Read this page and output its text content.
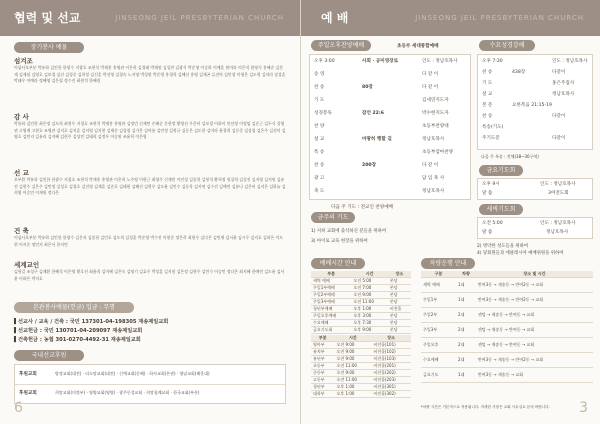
협력 및 선교	JINSEONG JEIL PRESBYTERIAN CHURCH
장기봉사 예물
섬겨조
이삼사오부분 박유하 김인한 한광수 지광호 조현석 박재홍 홍영관 이은희 김경태 박재원 김성찬 김광식 박준영 이승하 이예훈 원미라 이은석 원영식 홍혜순 김문재 김재철 김영호 김보경 김선 김성중 김희정 김신훈 박선영 김경숙 노지명 박성원 박준영 홍경희 김혜선 홍영 김재곤 류진아 김민철 이영은 김도형 김미라 강상훈 박태우 이예라 정혜영 김은철 정수진 최원석 한혜림
감 사
박유하 김인한 최은정 김도희 최형우 지경호 조현석 박재홍 홍영관 김정민 신재민 손혜순 문현정 황영선 우은미 김보경 이하미 안선영 이정임 김준근 김두식 강영권 고영재 고현호 조병관 김지호 김지훈 김지영 김지현 김재준 김성철 김가은 김아름 김민정 김형규 김동은 김도한 김미라 윤경희 김동준 김상철 김은주 김선미 김영호 김민지 김유리 김지혜 김현주 김성민 김태희 김정우 이승원 조윤희 이은영
선 교
오부환 박유하 김인한 한광수 지경호 조현석 박재홍 홍영관 이은희 노주영 이현근 최영주 신재민 이인성 김종헌 김형석 황희정 원창희 김성진 김지영 김지원 김유진 김현주 김은주 김민정 김성호 김경호 김진영 김재훈 김준호 김태현 김혜진 김현우 김도윤 김민수 김동욱 김서연 김수진 김예린 김유나 김은비 김지은 김하늘 김희영 이승민 이재원 정다은
건 축
이삼사오부분 박유하 김인한 한광수 김은지 김종헌 김민호 김도희 김성훈 박준영 박수진 이원준 정은희 최현우 김다은 김민재 김서윤 김시우 김지호 김하은 이도현 이서준 정민지 최은서 한지민
세계교인
김형길 조성구 김재환 한혜석 이은영 황호선 최윤희 김미혜 김은숙 김영기 김효주 박성훈 김지원 김은정 김현주 김민수 이승민 정다은 최지혜 한예린 김도윤 김서윤 이하은 박지호
본관봉사예물(헌금) 입금 : 무명
▌선교사 / 교육 / 건축 : 국민 137301-04-198305 재송제일교회
▌선교헌금 : 국민 130701-04-209097 재송제일교회
▌건축헌금 : 농협 301-0270-4492-31 재송제일교회
국내선교후원
후원교회	방정교회(대전) · 더소망교회(대전) · 신예교회(동해) · 하사교회(본관) · 영남교회(해운대)
후원교회	희망교회(의정부) · 영양교회(영양) · 광주동성교회 · 희망침례교회 · 한국교회(부산)
6
예 배	JINSEONG JEIL PRESBYTERIAN CHURCH
주일오후찬양예배	초등부 세대통합예배
오후 3:00	사회 · 공미영장로	인도 : 정남호목사
송 영	다 같 이
찬 송	80장	다 같 이
기 도	김세연지도자
성경봉독	잠언 22:6	박수현지도자
찬 양	초등부찬양대
설 교	마땅히 행할 길	정남호목사
특 송	초등부엄마찬양
찬 송	200장	다 같 이
광 고	담 임 목 사
축 도	정남호목사
다음 주 기도 : 전교인 찬양예배
수요성경강해
오후 7:30	인도 : 정남호목사
찬 송	438장	다같이
기 도	홍은주집사
설 교	정남호목사
본 문	요한복음 21:15-19
찬 송	다같이
특송(기도)
주기도문	다같이
다음 주 특송 : 전체(38~30구역)
금요기도회
오후 9시	인도 : 정남호목사
말 씀	3여전도회
새벽기도회
오전 5:00	인도 : 정남호목사
말 씀	정남호목사
금주의 기도
1) 저희 교회에 출석하신 분들을 위하여
3) 아이로 교육 현장을 위하여
2) 병약한 성도들을 위하여
4) 당회원들과 에클레시아 예배위원을 위하여
예배시간 안내
부분	시간	장소
새벽 예배	오전 5:00	본당
주일1부예배	오전 7:00	본당
주일2부예배	오전 9:00	본당
주일3부예배	오전 11:00	본당
청년부예배	오후 1:00	비전홀
주일오후예배	오후 3:00	본당
수요예배	오후 7:30	본당
금요기도회	오후 9:00	본당
부분	시간	장소
영아부	오전 9:00	비전홀(101)
유치부	오전 9:00	비전홀(102)
유년부	오전 9:00	비전홀(103)
초등부	오전 11:00	비전홀(201)
중등부	오전 9:00	비전홀(202)
고등부	오전 11:00	비전홀(203)
청년부	오후 1:00	비전홀(301)
대학부	오후 1:00	비전홀(302)
차량운행 안내
구분	차량	장소 및 시간
새벽 예배	1대	반여3동 → 재송동 → 반여2동 → 교회
주일1부	1대	반여3동 → 재송동 → 반여2동 → 교회
주일2부	2대	센텀 → 재송동 → 반여동 → 교회
주일3부	2대	센텀 → 재송동 → 반여동 → 교회
주일오후	2대	센텀 → 재송동 → 반여동 → 교회
수요예배	2대	반여3동 → 재송동 → 반여2동 → 교회
금요기도	1대	반여3동 → 재송동 → 교회
*차량 시간은 기본적으로 적용됩니다. 자세한 사항은 교회 사무실로 문의 바랍니다.	3
